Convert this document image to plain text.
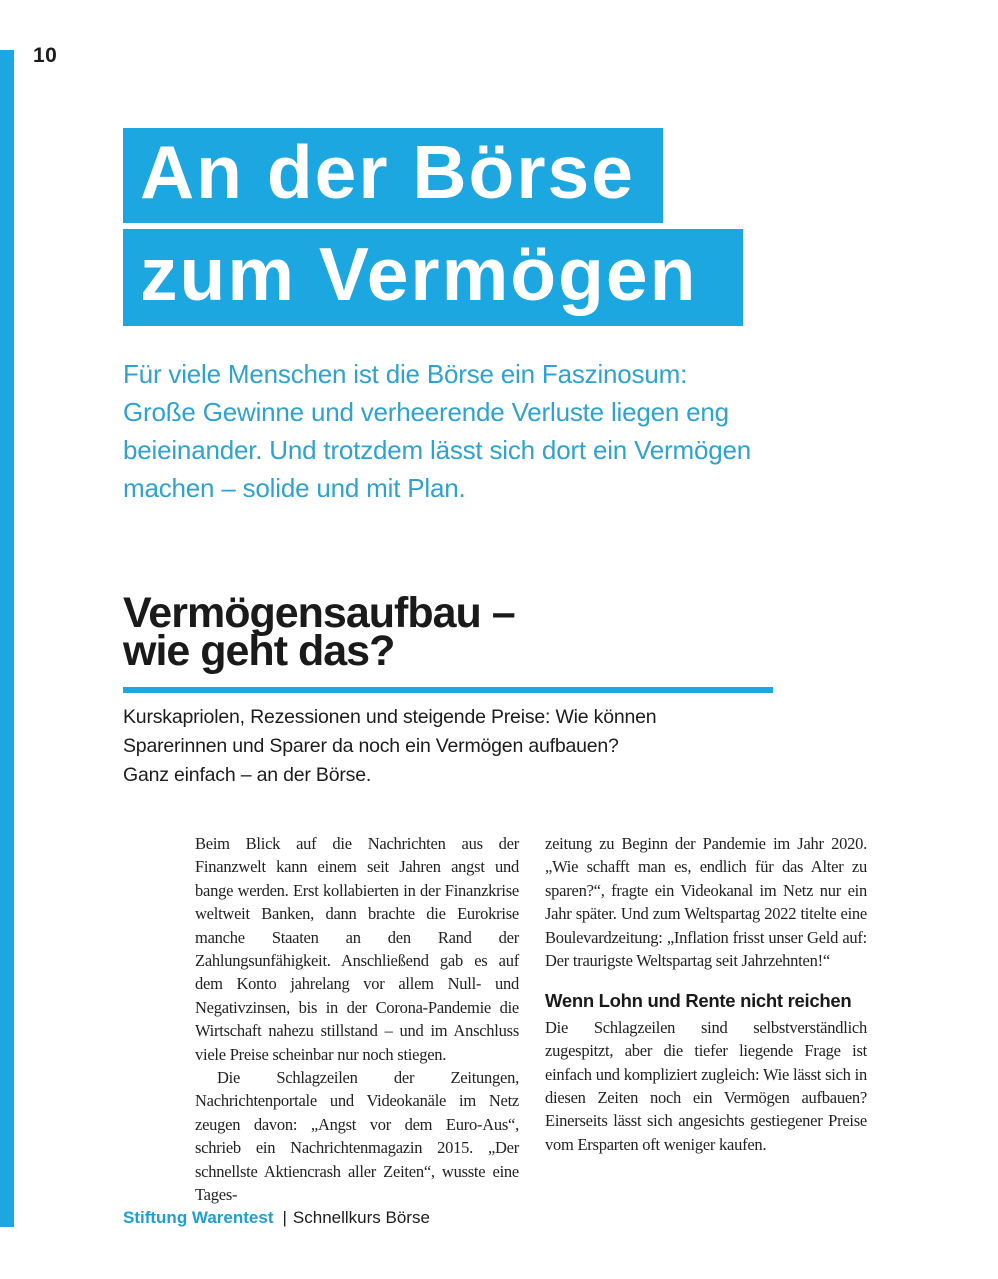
10
An der Börse
zum Vermögen
Für viele Menschen ist die Börse ein Faszinosum:
Große Gewinne und verheerende Verluste liegen eng
beieinander. Und trotzdem lässt sich dort ein Vermögen
machen – solide und mit Plan.
Vermögensaufbau –
wie geht das?
Kurskapriolen, Rezessionen und steigende Preise: Wie können
Sparerinnen und Sparer da noch ein Vermögen aufbauen?
Ganz einfach – an der Börse.

Beim Blick auf die Nachrichten aus der Finanzwelt kann einem seit Jahren angst und bange werden. Erst kollabierten in der Finanzkrise weltweit Banken, dann brachte die Eurokrise manche Staaten an den Rand der Zahlungsunfähigkeit. Anschließend gab es auf dem Konto jahrelang vor allem Null- und Negativzinsen, bis in der Corona-Pandemie die Wirtschaft nahezu stillstand – und im Anschluss viele Preise scheinbar nur noch stiegen.

Die Schlagzeilen der Zeitungen, Nachrichtenportale und Videokanäle im Netz zeugen davon: „Angst vor dem Euro-Aus“, schrieb ein Nachrichtenmagazin 2015. „Der schnellste Aktiencrash aller Zeiten“, wusste eine Tages-

zeitung zu Beginn der Pandemie im Jahr 2020. „Wie schafft man es, endlich für das Alter zu sparen?“, fragte ein Videokanal im Netz nur ein Jahr später. Und zum Weltspartag 2022 titelte eine Boulevardzeitung: „Inflation frisst unser Geld auf: Der traurigste Weltspartag seit Jahrzehnten!“

Wenn Lohn und Rente nicht reichen

Die Schlagzeilen sind selbstverständlich zugespitzt, aber die tiefer liegende Frage ist einfach und kompliziert zugleich: Wie lässt sich in diesen Zeiten noch ein Vermögen aufbauen? Einerseits lässt sich angesichts gestiegener Preise vom Ersparten oft weniger kaufen.

Stiftung Warentest | Schnellkurs Börse
